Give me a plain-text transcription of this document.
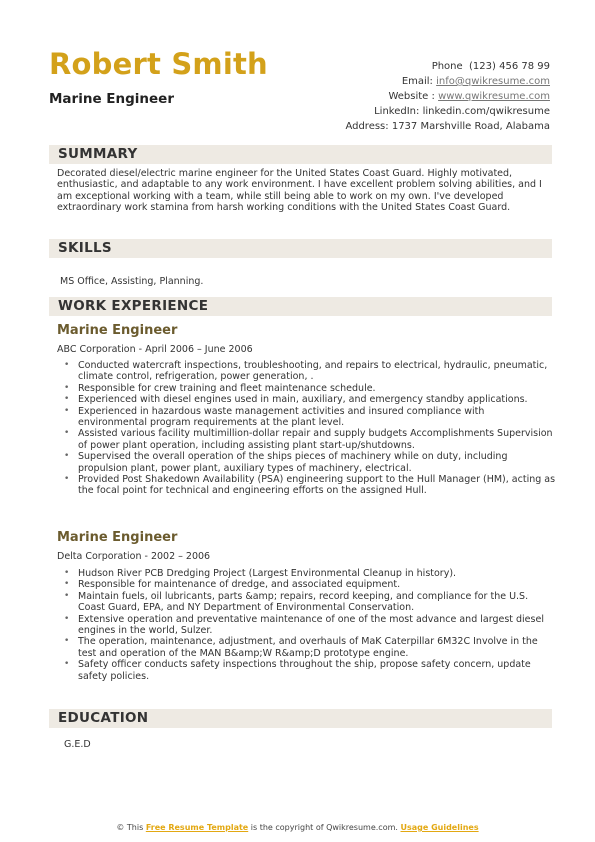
Robert Smith
Marine Engineer
Phone (123) 456 78 99
Email: info@qwikresume.com
Website : www.qwikresume.com
LinkedIn: linkedin.com/qwikresume
Address: 1737 Marshville Road, Alabama
SUMMARY

Decorated diesel/electric marine engineer for the United States Coast Guard. Highly motivated, enthusiastic, and adaptable to any work environment. I have excellent problem solving abilities, and I am exceptional working with a team, while still being able to work on my own. I've developed extraordinary work stamina from harsh working conditions with the United States Coast Guard.

SKILLS

MS Office, Assisting, Planning.

WORK EXPERIENCE
Marine Engineer
ABC Corporation - April 2006 – June 2006
• Conducted watercraft inspections, troubleshooting, and repairs to electrical, hydraulic, pneumatic, climate control, refrigeration, power generation, .
• Responsible for crew training and fleet maintenance schedule.
• Experienced with diesel engines used in main, auxiliary, and emergency standby applications.
• Experienced in hazardous waste management activities and insured compliance with environmental program requirements at the plant level.
• Assisted various facility multimillion-dollar repair and supply budgets Accomplishments Supervision of power plant operation, including assisting plant start-up/shutdowns.
• Supervised the overall operation of the ships pieces of machinery while on duty, including propulsion plant, power plant, auxiliary types of machinery, electrical.
• Provided Post Shakedown Availability (PSA) engineering support to the Hull Manager (HM), acting as the focal point for technical and engineering efforts on the assigned Hull.
Marine Engineer
Delta Corporation - 2002 – 2006
• Hudson River PCB Dredging Project (Largest Environmental Cleanup in history).
• Responsible for maintenance of dredge, and associated equipment.
• Maintain fuels, oil lubricants, parts &amp; repairs, record keeping, and compliance for the U.S. Coast Guard, EPA, and NY Department of Environmental Conservation.
• Extensive operation and preventative maintenance of one of the most advance and largest diesel engines in the world, Sulzer.
• The operation, maintenance, adjustment, and overhauls of MaK Caterpillar 6M32C Involve in the test and operation of the MAN B&amp;W R&amp;D prototype engine.
• Safety officer conducts safety inspections throughout the ship, propose safety concern, update safety policies.
EDUCATION

G.E.D

© This Free Resume Template is the copyright of Qwikresume.com. Usage Guidelines
